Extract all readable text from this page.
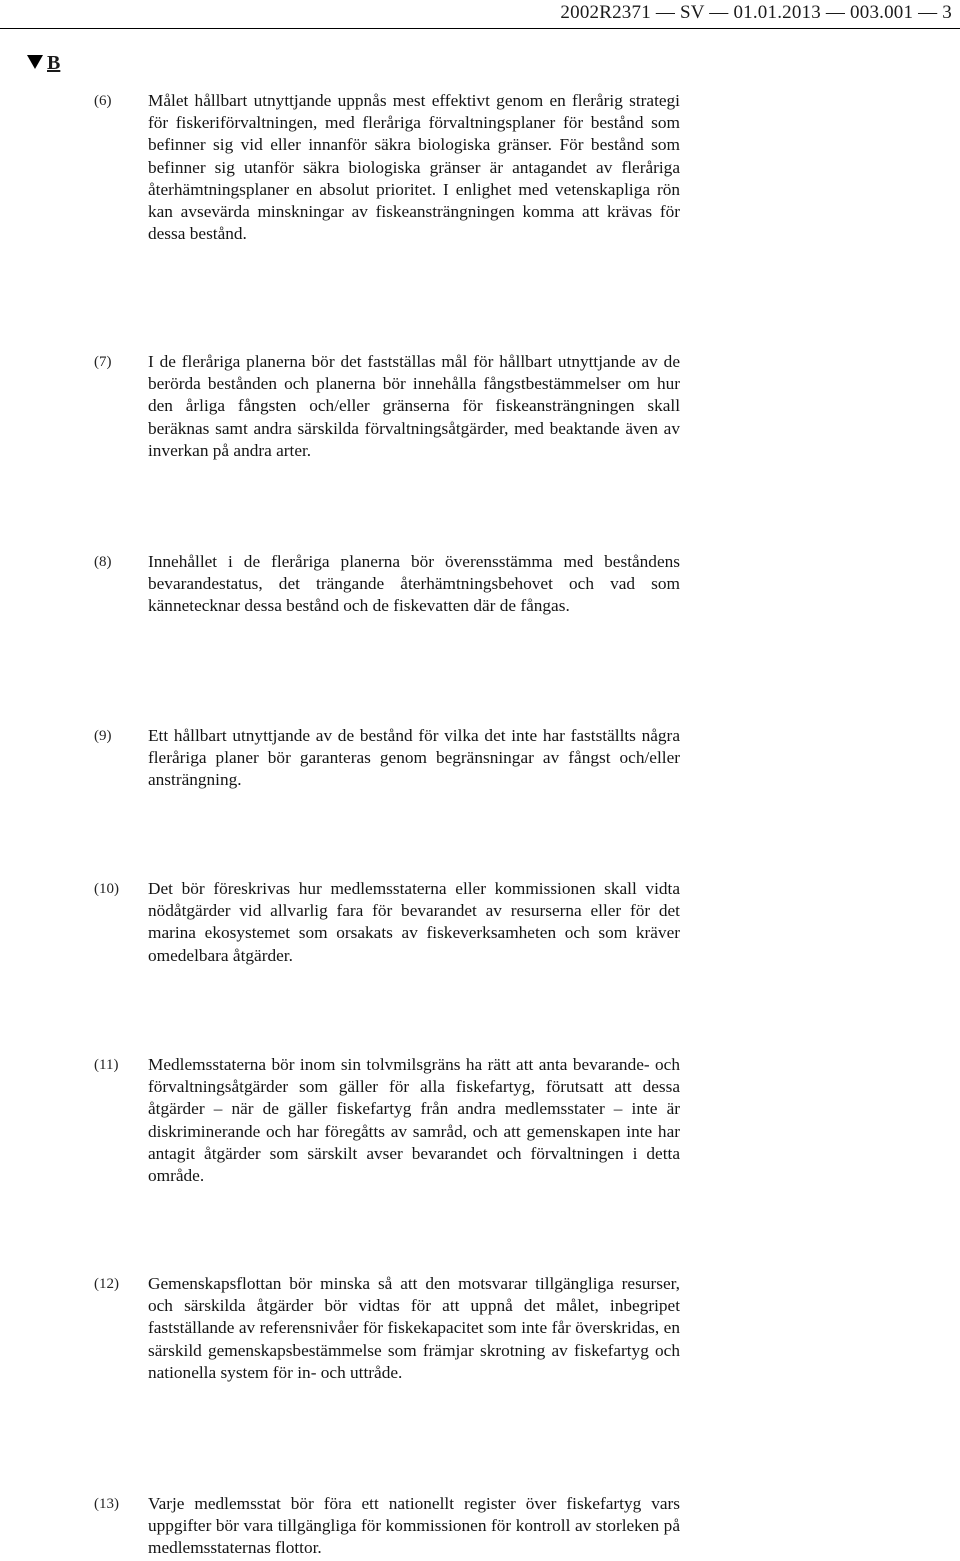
2002R2371 — SV — 01.01.2013 — 003.001 — 3
B
(6) Målet hållbart utnyttjande uppnås mest effektivt genom en flerårig strategi för fiskeriförvaltningen, med fleråriga förvaltningsplaner för bestånd som befinner sig vid eller innanför säkra biologiska gränser. För bestånd som befinner sig utanför säkra biologiska gränser är antagandet av fleråriga återhämtningsplaner en absolut prioritet. I enlighet med vetenskapliga rön kan avsevärda minskningar av fiskeansträngningen komma att krävas för dessa bestånd.
(7) I de fleråriga planerna bör det fastställas mål för hållbart utnyttjande av de berörda bestånden och planerna bör innehålla fångstbestämmelser om hur den årliga fångsten och/eller gränserna för fiskeansträngningen skall beräknas samt andra särskilda förvaltningsåtgärder, med beaktande även av inverkan på andra arter.
(8) Innehållet i de fleråriga planerna bör överensstämma med beståndens bevarandestatus, det trängande återhämtningsbehovet och vad som kännetecknar dessa bestånd och de fiskevatten där de fångas.
(9) Ett hållbart utnyttjande av de bestånd för vilka det inte har fastställts några fleråriga planer bör garanteras genom begränsningar av fångst och/eller ansträngning.
(10) Det bör föreskrivas hur medlemsstaterna eller kommissionen skall vidta nödåtgärder vid allvarlig fara för bevarandet av resurserna eller för det marina ekosystemet som orsakats av fiskeverksamheten och som kräver omedelbara åtgärder.
(11) Medlemsstaterna bör inom sin tolvmilsgräns ha rätt att anta bevarande- och förvaltningsåtgärder som gäller för alla fiskefartyg, förutsatt att dessa åtgärder – när de gäller fiskefartyg från andra medlemsstater – inte är diskriminerande och har föregåtts av samråd, och att gemenskapen inte har antagit åtgärder som särskilt avser bevarandet och förvaltningen i detta område.
(12) Gemenskapsflottan bör minska så att den motsvarar tillgängliga resurser, och särskilda åtgärder bör vidtas för att uppnå det målet, inbegripet fastställande av referensnivåer för fiskekapacitet som inte får överskridas, en särskild gemenskapsbestämmelse som främjar skrotning av fiskefartyg och nationella system för in- och uttråde.
(13) Varje medlemsstat bör föra ett nationellt register över fiskefartyg vars uppgifter bör vara tillgängliga för kommissionen för kontroll av storleken på medlemsstaternas flottor.
